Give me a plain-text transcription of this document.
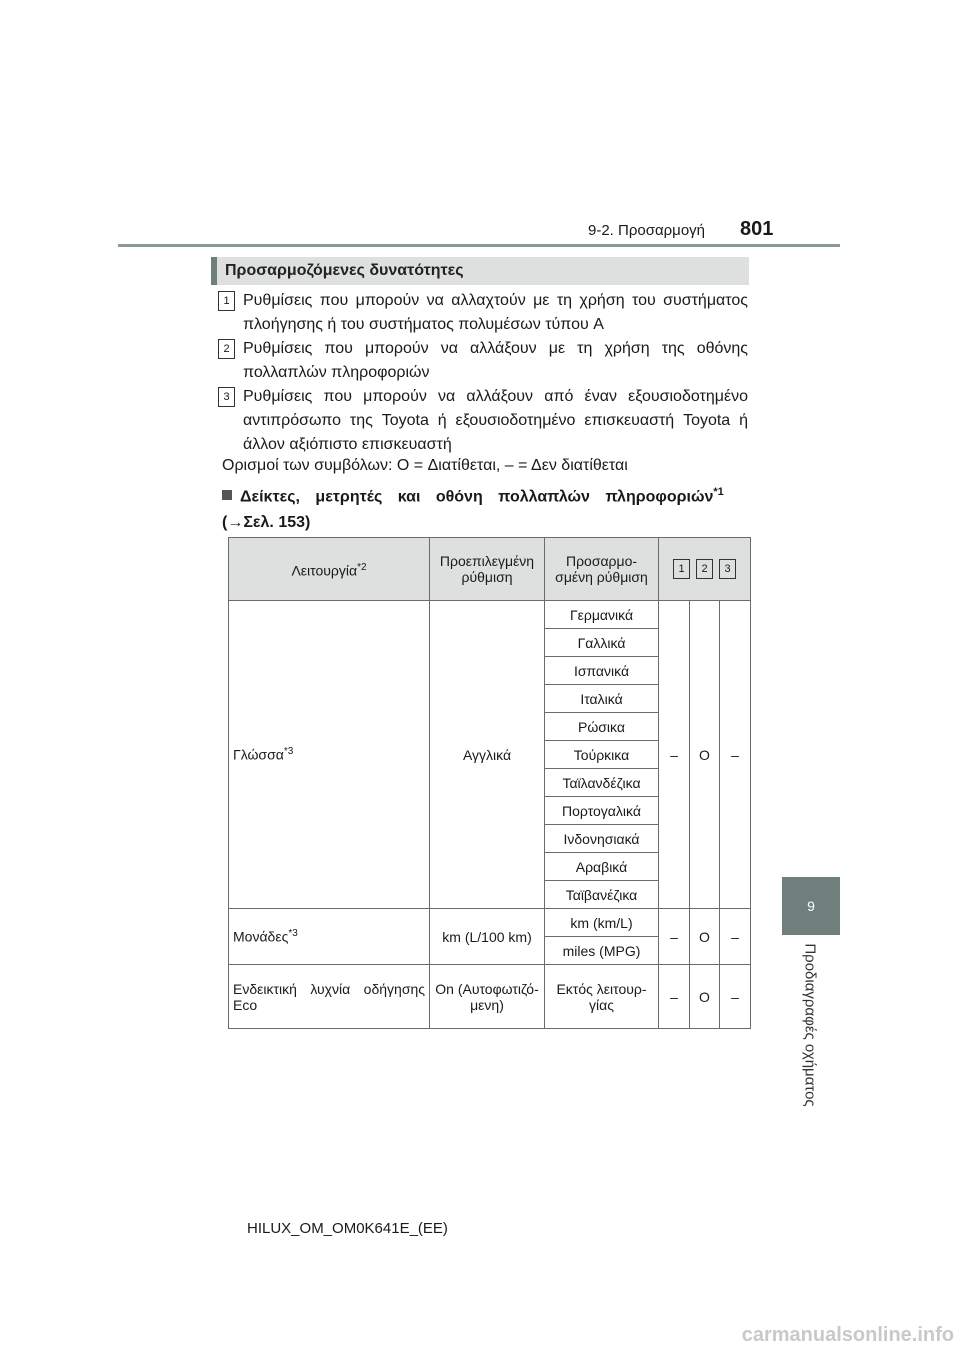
9-2. Προσαρμογή 801
9
Προδιαγραφές οχήματος
Προσαρμοζόμενες δυνατότητες
1 Ρυθμίσεις που μπορούν να αλλαχτούν με τη χρήση του συστήματος πλοήγησης ή του συστήματος πολυμέσων τύπου A
2 Ρυθμίσεις που μπορούν να αλλάξουν με τη χρήση της οθόνης πολλαπλών πληροφοριών
3 Ρυθμίσεις που μπορούν να αλλάξουν από έναν εξουσιοδοτημένο αντιπρόσωπο της Toyota ή εξουσιοδοτημένο επισκευαστή Toyota ή άλλον αξιόπιστο επισκευαστή
Ορισμοί των συμβόλων: O = Διατίθεται, – = Δεν διατίθεται
Δείκτες, μετρητές και οθόνη πολλαπλών πληροφοριών$^{*1}$
(→Σελ. 153)
Λειτουργία$^{*2}$	Προεπιλεγμένη ρύθμιση	Προσαρμο-σμένη ρύθμιση	1 2 3		
Γλώσσα$^{*3}$	Αγγλικά	Γερμανικά	–	O	–
		Γαλλικά			
		Ισπανικά			
		Ιταλικά			
		Ρώσικα			
		Τούρκικα			
		Ταϊλανδέζικα			
		Πορτογαλικά			
		Ινδονησιακά			
		Αραβικά			
		Ταϊβανέζικα			
Μονάδες$^{*3}$	km (L/100 km)	km (km/L)	–	O	–
		miles (MPG)			
Ενδεικτική λυχνία οδήγησης Eco	On (Αυτοφωτιζό-μενη)	Εκτός λειτουρ-γίας	–	O	–
HILUX_OM_OM0K641E_(EE)
carmanualsonline.info
